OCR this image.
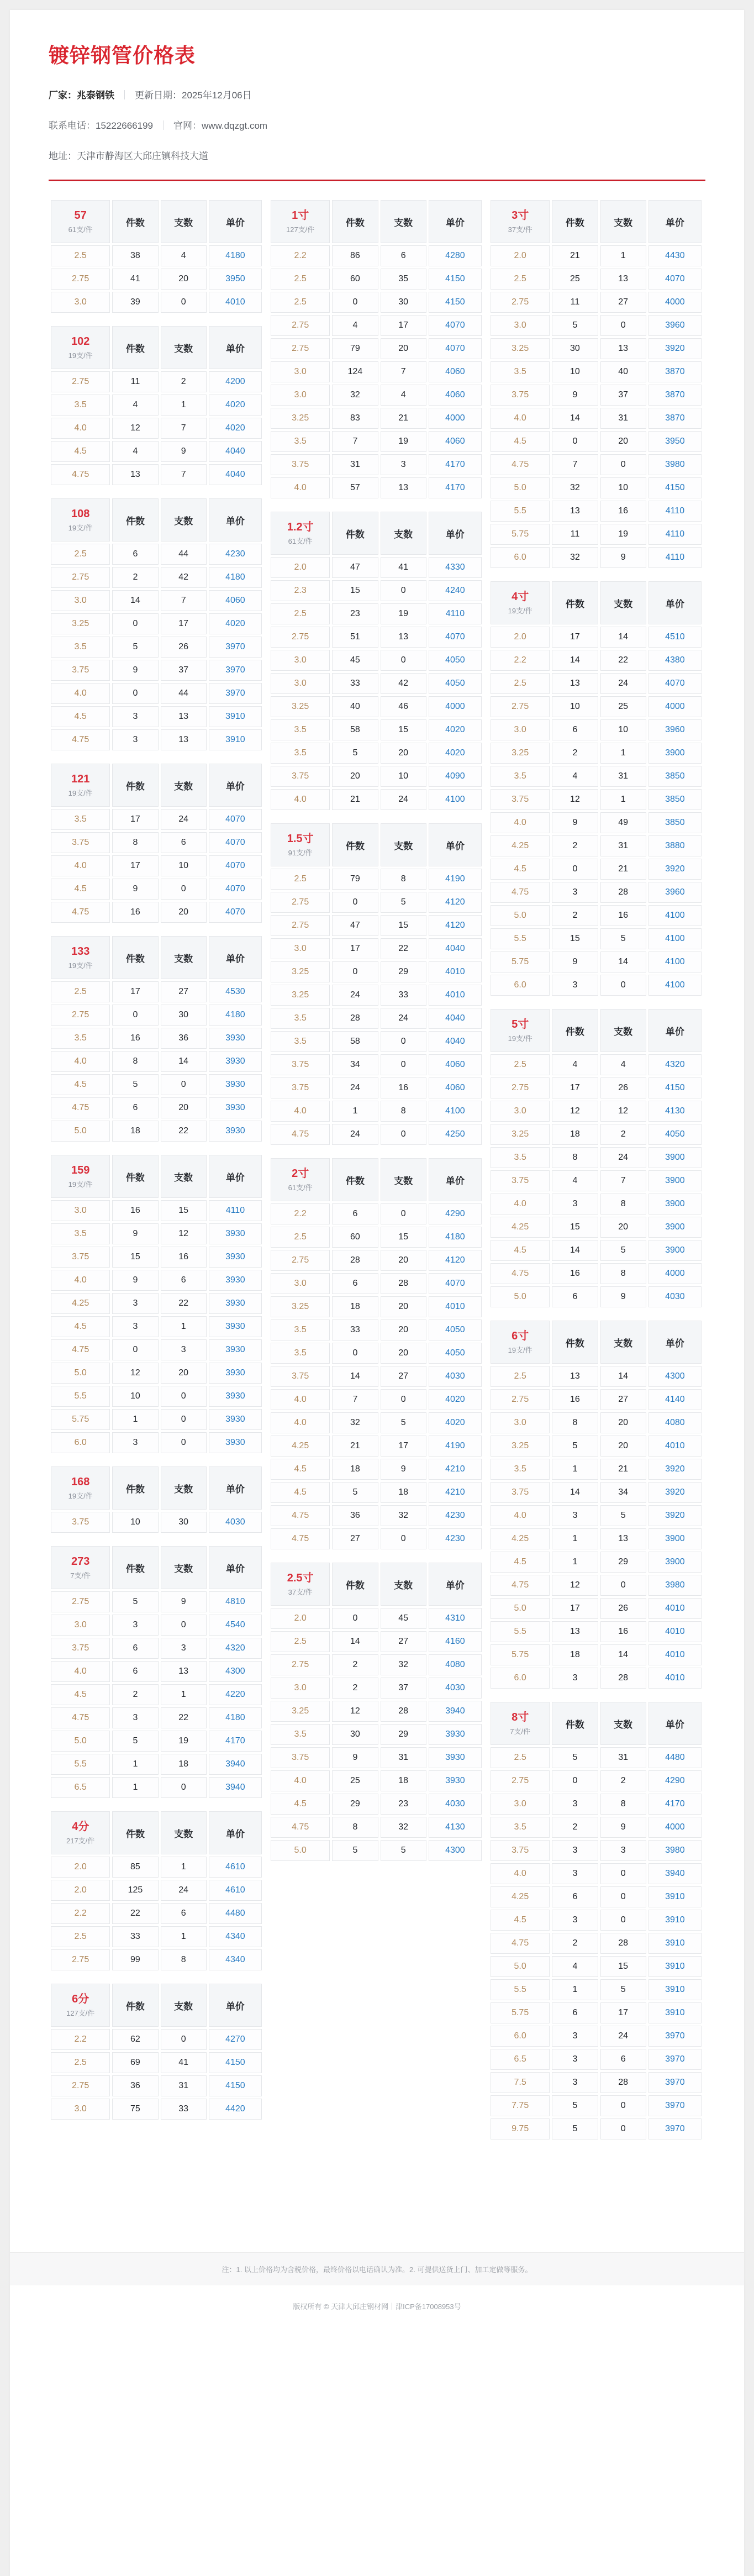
镀锌钢管价格表
厂家：兆泰钢铁 ｜ 更新日期：2025年12月06日
联系电话：15222666199 ｜ 官网：www.dqzgt.com
地址：天津市静海区大邱庄镇科技大道
57
61支/件	件数	支数	单价
2.5	38	4	4180
2.75	41	20	3950
3.0	39	0	4010
102
19支/件	件数	支数	单价
2.75	11	2	4200
3.5	4	1	4020
4.0	12	7	4020
4.5	4	9	4040
4.75	13	7	4040
108
19支/件	件数	支数	单价
2.5	6	44	4230
2.75	2	42	4180
3.0	14	7	4060
3.25	0	17	4020
3.5	5	26	3970
3.75	9	37	3970
4.0	0	44	3970
4.5	3	13	3910
4.75	3	13	3910
121
19支/件	件数	支数	单价
3.5	17	24	4070
3.75	8	6	4070
4.0	17	10	4070
4.5	9	0	4070
4.75	16	20	4070
133
19支/件	件数	支数	单价
2.5	17	27	4530
2.75	0	30	4180
3.5	16	36	3930
4.0	8	14	3930
4.5	5	0	3930
4.75	6	20	3930
5.0	18	22	3930
159
19支/件	件数	支数	单价
3.0	16	15	4110
3.5	9	12	3930
3.75	15	16	3930
4.0	9	6	3930
4.25	3	22	3930
4.5	3	1	3930
4.75	0	3	3930
5.0	12	20	3930
5.5	10	0	3930
5.75	1	0	3930
6.0	3	0	3930
168
19支/件	件数	支数	单价
3.75	10	30	4030
273
7支/件	件数	支数	单价
2.75	5	9	4810
3.0	3	0	4540
3.75	6	3	4320
4.0	6	13	4300
4.5	2	1	4220
4.75	3	22	4180
5.0	5	19	4170
5.5	1	18	3940
6.5	1	0	3940
4分
217支/件	件数	支数	单价
2.0	85	1	4610
2.0	125	24	4610
2.2	22	6	4480
2.5	33	1	4340
2.75	99	8	4340
6分
127支/件	件数	支数	单价
2.2	62	0	4270
2.5	69	41	4150
2.75	36	31	4150
3.0	75	33	4420
1寸
127支/件	件数	支数	单价
2.2	86	6	4280
2.5	60	35	4150
2.5	0	30	4150
2.75	4	17	4070
2.75	79	20	4070
3.0	124	7	4060
3.0	32	4	4060
3.25	83	21	4000
3.5	7	19	4060
3.75	31	3	4170
4.0	57	13	4170
1.2寸
61支/件	件数	支数	单价
2.0	47	41	4330
2.3	15	0	4240
2.5	23	19	4110
2.75	51	13	4070
3.0	45	0	4050
3.0	33	42	4050
3.25	40	46	4000
3.5	58	15	4020
3.5	5	20	4020
3.75	20	10	4090
4.0	21	24	4100
1.5寸
91支/件	件数	支数	单价
2.5	79	8	4190
2.75	0	5	4120
2.75	47	15	4120
3.0	17	22	4040
3.25	0	29	4010
3.25	24	33	4010
3.5	28	24	4040
3.5	58	0	4040
3.75	34	0	4060
3.75	24	16	4060
4.0	1	8	4100
4.75	24	0	4250
2寸
61支/件	件数	支数	单价
2.2	6	0	4290
2.5	60	15	4180
2.75	28	20	4120
3.0	6	28	4070
3.25	18	20	4010
3.5	33	20	4050
3.5	0	20	4050
3.75	14	27	4030
4.0	7	0	4020
4.0	32	5	4020
4.25	21	17	4190
4.5	18	9	4210
4.5	5	18	4210
4.75	36	32	4230
4.75	27	0	4230
2.5寸
37支/件	件数	支数	单价
2.0	0	45	4310
2.5	14	27	4160
2.75	2	32	4080
3.0	2	37	4030
3.25	12	28	3940
3.5	30	29	3930
3.75	9	31	3930
4.0	25	18	3930
4.5	29	23	4030
4.75	8	32	4130
5.0	5	5	4300
3寸
37支/件	件数	支数	单价
2.0	21	1	4430
2.5	25	13	4070
2.75	11	27	4000
3.0	5	0	3960
3.25	30	13	3920
3.5	10	40	3870
3.75	9	37	3870
4.0	14	31	3870
4.5	0	20	3950
4.75	7	0	3980
5.0	32	10	4150
5.5	13	16	4110
5.75	11	19	4110
6.0	32	9	4110
4寸
19支/件	件数	支数	单价
2.0	17	14	4510
2.2	14	22	4380
2.5	13	24	4070
2.75	10	25	4000
3.0	6	10	3960
3.25	2	1	3900
3.5	4	31	3850
3.75	12	1	3850
4.0	9	49	3850
4.25	2	31	3880
4.5	0	21	3920
4.75	3	28	3960
5.0	2	16	4100
5.5	15	5	4100
5.75	9	14	4100
6.0	3	0	4100
5寸
19支/件	件数	支数	单价
2.5	4	4	4320
2.75	17	26	4150
3.0	12	12	4130
3.25	18	2	4050
3.5	8	24	3900
3.75	4	7	3900
4.0	3	8	3900
4.25	15	20	3900
4.5	14	5	3900
4.75	16	8	4000
5.0	6	9	4030
6寸
19支/件	件数	支数	单价
2.5	13	14	4300
2.75	16	27	4140
3.0	8	20	4080
3.25	5	20	4010
3.5	1	21	3920
3.75	14	34	3920
4.0	3	5	3920
4.25	1	13	3900
4.5	1	29	3900
4.75	12	0	3980
5.0	17	26	4010
5.5	13	16	4010
5.75	18	14	4010
6.0	3	28	4010
8寸
7支/件	件数	支数	单价
2.5	5	31	4480
2.75	0	2	4290
3.0	3	8	4170
3.5	2	9	4000
3.75	3	3	3980
4.0	3	0	3940
4.25	6	0	3910
4.5	3	0	3910
4.75	2	28	3910
5.0	4	15	3910
5.5	1	5	3910
5.75	6	17	3910
6.0	3	24	3970
6.5	3	6	3970
7.5	3	28	3970
7.75	5	0	3970
9.75	5	0	3970
注：1. 以上价格均为含税价格，最终价格以电话确认为准。2. 可提供送货上门、加工定做等服务。
版权所有 © 天津大邱庄钢材网｜津ICP备17008953号
